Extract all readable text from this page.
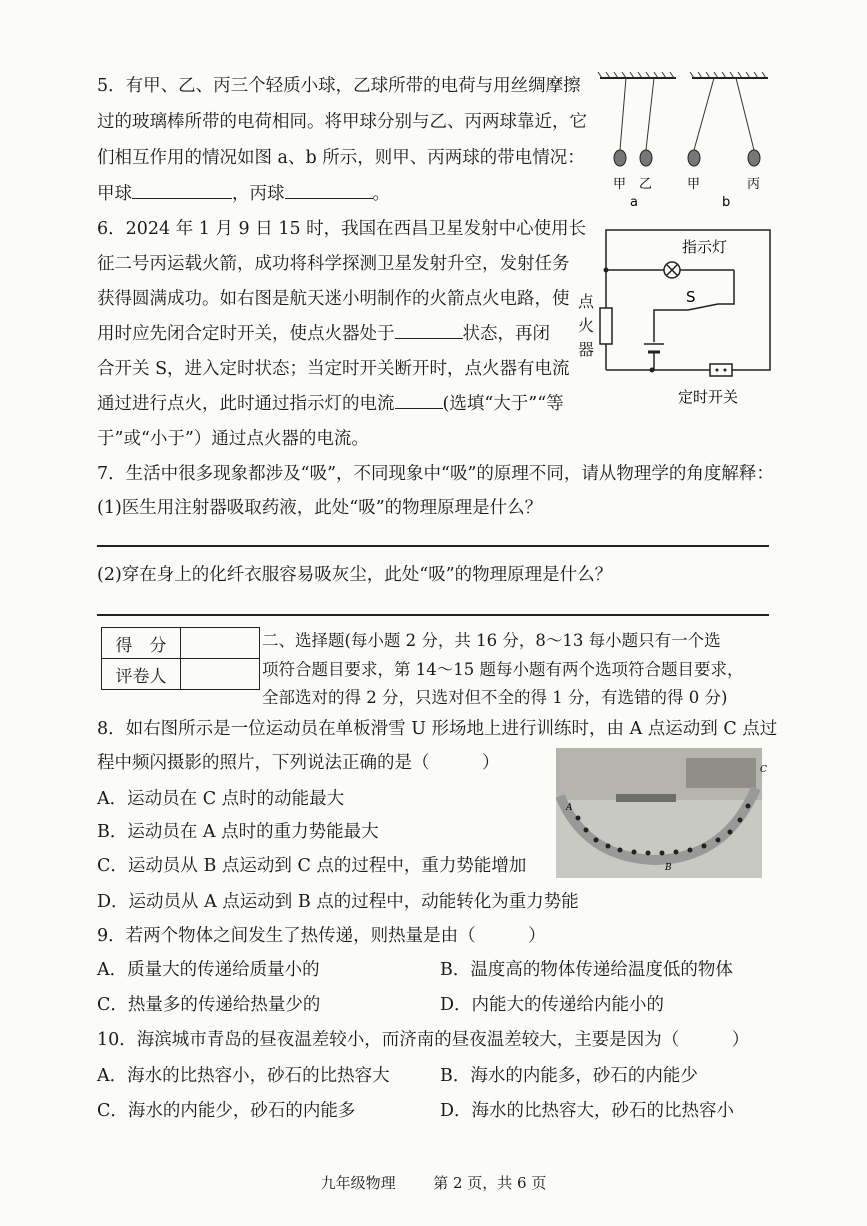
5．有甲、乙、丙三个轻质小球，乙球所带的电荷与用丝绸摩擦
过的玻璃棒所带的电荷相同。将甲球分别与乙、丙两球靠近，它
们相互作用的情况如图 a、b 所示，则甲、丙两球的带电情况：
甲球	，丙球	。	甲 乙	甲	丙
a	b
6．2024 年 1 月 9 日 15 时，我国在西昌卫星发射中心使用长
征二号丙运载火箭，成功将科学探测卫星发射升空，发射任务
获得圆满成功。如右图是航天迷小明制作的火箭点火电路，使
用时应先闭合定时开关，使点火器处于	状态，再闭
合开关 S，进入定时状态；当定时开关断开时，点火器有电流
通过进行点火，此时通过指示灯的电流	(选填“大于”“等
于”或“小于”）通过点火器的电流。
指示灯
S
定时开关
点火器
7．生活中很多现象都涉及“吸”，不同现象中“吸”的原理不同，请从物理学的角度解释：
(1)医生用注射器吸取药液，此处“吸”的物理原理是什么？
(2)穿在身上的化纤衣服容易吸灰尘，此处“吸”的物理原理是什么？
得　分	
评卷人	
二、选择题(每小题 2 分，共 16 分，8～13 每小题只有一个选
项符合题目要求，第 14～15 题每小题有两个选项符合题目要求，
全部选对的得 2 分，只选对但不全的得 1 分，有选错的得 0 分)
8．如右图所示是一位运动员在单板滑雪 U 形场地上进行训练时，由 A 点运动到 C 点过
程中频闪摄影的照片，下列说法正确的是（　　　）
A．运动员在 C 点时的动能最大
B．运动员在 A 点时的重力势能最大
C．运动员从 B 点运动到 C 点的过程中，重力势能增加
D．运动员从 A 点运动到 B 点的过程中，动能转化为重力势能
A
B
C
9．若两个物体之间发生了热传递，则热量是由（　　　）
A．质量大的传递给质量小的	B．温度高的物体传递给温度低的物体
C．热量多的传递给热量少的	D．内能大的传递给内能小的
10．海滨城市青岛的昼夜温差较小，而济南的昼夜温差较大，主要是因为（　　　）
A．海水的比热容小，砂石的比热容大	B．海水的内能多，砂石的内能少
C．海水的内能少，砂石的内能多	D．海水的比热容大，砂石的比热容小
九年级物理	第 2 页，共 6 页
